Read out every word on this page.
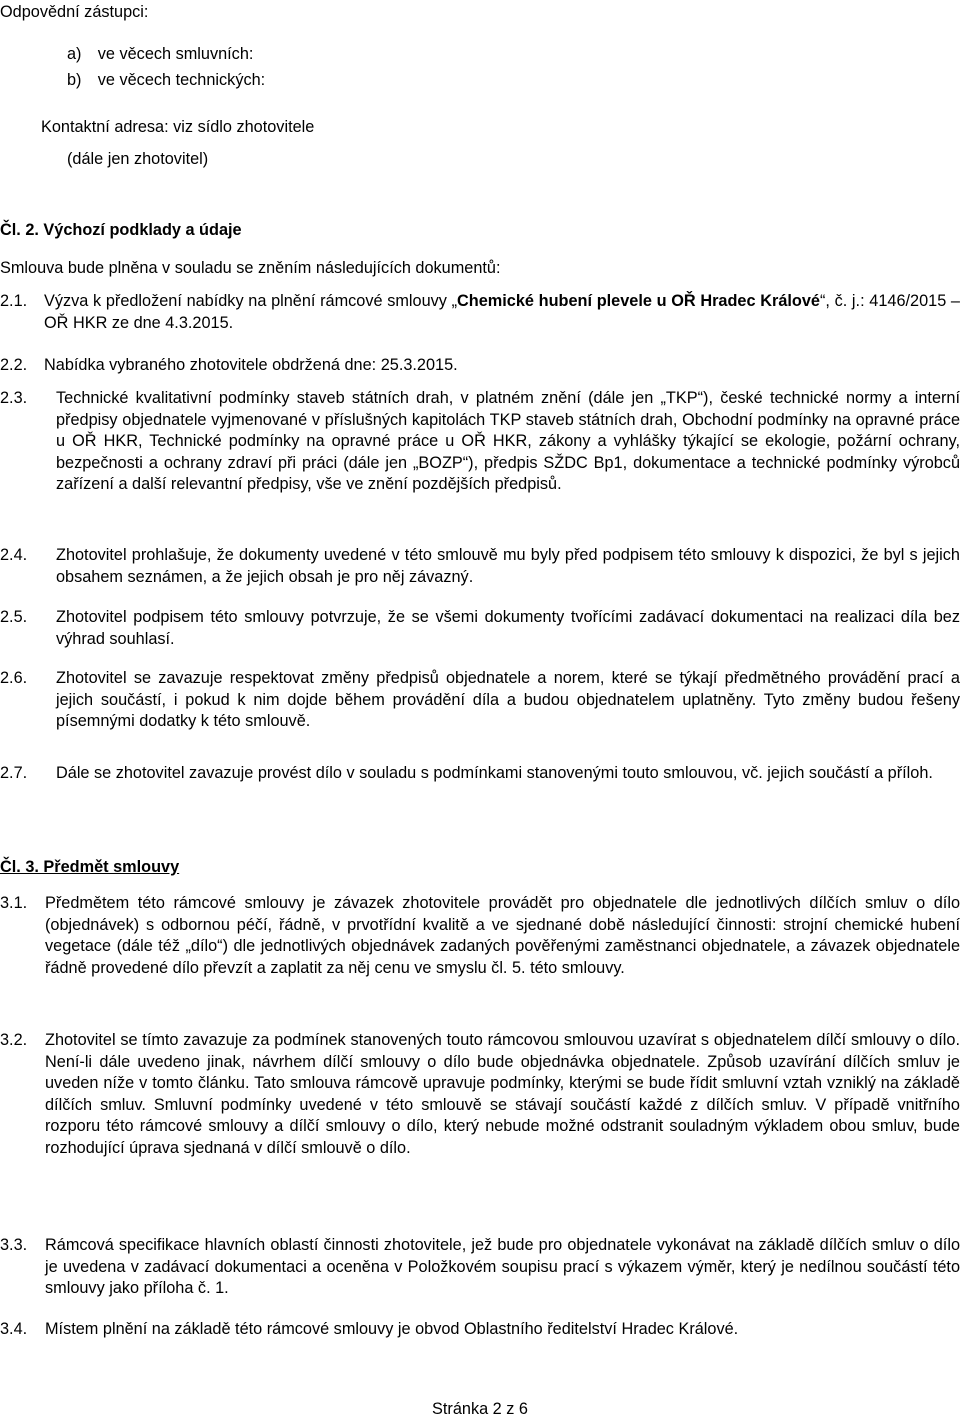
Odpovědní zástupci:
a) ve věcech smluvních:
b) ve věcech technických:
Kontaktní adresa: viz sídlo zhotovitele
(dále jen zhotovitel)
Čl. 2. Výchozí podklady a údaje
Smlouva bude plněna v souladu se zněním následujících dokumentů:
2.1. Výzva k předložení nabídky na plnění rámcové smlouvy „Chemické hubení plevele u OŘ Hradec Králové“, č. j.: 4146/2015 – OŘ HKR ze dne 4.3.2015.
2.2. Nabídka vybraného zhotovitele obdržená dne: 25.3.2015.
2.3. Technické kvalitativní podmínky staveb státních drah, v platném znění (dále jen „TKP“), české technické normy a interní předpisy objednatele vyjmenované v příslušných kapitolách TKP staveb státních drah, Obchodní podmínky na opravné práce u OŘ HKR, Technické podmínky na opravné práce u OŘ HKR, zákony a vyhlášky týkající se ekologie, požární ochrany, bezpečnosti a ochrany zdraví při práci (dále jen „BOZP“), předpis SŽDC Bp1, dokumentace a technické podmínky výrobců zařízení a další relevantní předpisy, vše ve znění pozdějších předpisů.
2.4. Zhotovitel prohlašuje, že dokumenty uvedené v této smlouvě mu byly před podpisem této smlouvy k dispozici, že byl s jejich obsahem seznámen, a že jejich obsah je pro něj závazný.
2.5. Zhotovitel podpisem této smlouvy potvrzuje, že se všemi dokumenty tvořícími zadávací dokumentaci na realizaci díla bez výhrad souhlasí.
2.6. Zhotovitel se zavazuje respektovat změny předpisů objednatele a norem, které se týkají předmětného provádění prací a jejich součástí, i pokud k nim dojde během provádění díla a budou objednatelem uplatněny. Tyto změny budou řešeny písemnými dodatky k této smlouvě.
2.7. Dále se zhotovitel zavazuje provést dílo v souladu s podmínkami stanovenými touto smlouvou, vč. jejich součástí a příloh.
Čl. 3. Předmět smlouvy
3.1. Předmětem této rámcové smlouvy je závazek zhotovitele provádět pro objednatele dle jednotlivých dílčích smluv o dílo (objednávek) s odbornou péčí, řádně, v prvotřídní kvalitě a ve sjednané době následující činnosti: strojní chemické hubení vegetace (dále též „dílo“) dle jednotlivých objednávek zadaných pověřenými zaměstnanci objednatele, a závazek objednatele řádně provedené dílo převzít a zaplatit za něj cenu ve smyslu čl. 5. této smlouvy.
3.2. Zhotovitel se tímto zavazuje za podmínek stanovených touto rámcovou smlouvou uzavírat s objednatelem dílčí smlouvy o dílo. Není-li dále uvedeno jinak, návrhem dílčí smlouvy o dílo bude objednávka objednatele. Způsob uzavírání dílčích smluv je uveden níže v tomto článku. Tato smlouva rámcově upravuje podmínky, kterými se bude řídit smluvní vztah vzniklý na základě dílčích smluv. Smluvní podmínky uvedené v této smlouvě se stávají součástí každé z dílčích smluv. V případě vnitřního rozporu této rámcové smlouvy a dílčí smlouvy o dílo, který nebude možné odstranit souladným výkladem obou smluv, bude rozhodující úprava sjednaná v dílčí smlouvě o dílo.
3.3. Rámcová specifikace hlavních oblastí činnosti zhotovitele, jež bude pro objednatele vykonávat na základě dílčích smluv o dílo je uvedena v zadávací dokumentaci a oceněna v Položkovém soupisu prací s výkazem výměr, který je nedílnou součástí této smlouvy jako příloha č. 1.
3.4. Místem plnění na základě této rámcové smlouvy je obvod Oblastního ředitelství Hradec Králové.
Stránka 2 z 6
